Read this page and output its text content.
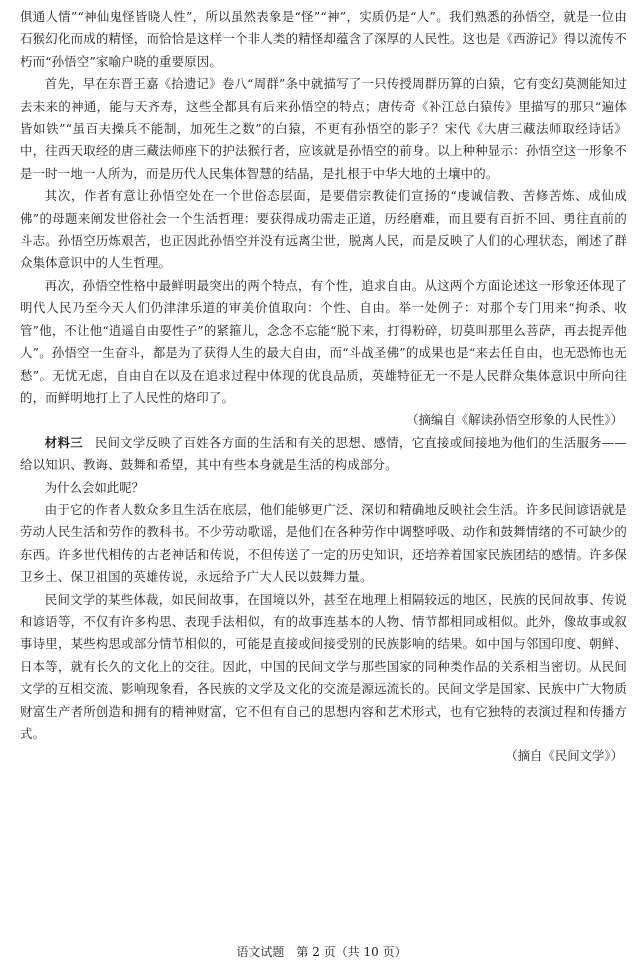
俱通人情”“神仙鬼怪皆晓人性”，所以虽然表象是“怪”“神”，实质仍是“人”。我们熟悉的孙悟空，就是一位由石猴幻化而成的精怪，而恰恰是这样一个非人类的精怪却蕴含了深厚的人民性。这也是《西游记》得以流传不朽而“孙悟空”家喻户晓的重要原因。

首先，早在东晋王嘉《拾遗记》卷八“周群”条中就描写了一只传授周群历算的白猿，它有变幻莫测能知过去未来的神通，能与天齐寿，这些全都具有后来孙悟空的特点；唐传奇《补江总白猿传》里描写的那只“遍体皆如铁”“虽百夫操兵不能制，加死生之数”的白猿，不更有孙悟空的影子？宋代《大唐三藏法师取经诗话》中，往西天取经的唐三藏法师座下的护法猴行者，应该就是孙悟空的前身。以上种种显示：孙悟空这一形象不是一时一地一人所为，而是历代人民集体智慧的结晶，是扎根于中华大地的土壤中的。

其次，作者有意让孙悟空处在一个世俗态层面，是要借宗教徒们宣扬的“虔诚信教、苦修苦炼、成仙成佛”的母题来阐发世俗社会一个生活哲理：要获得成功需走正道，历经磨难，而且要有百折不回、勇往直前的斗志。孙悟空历炼艰苦，也正因此孙悟空并没有远离尘世，脱离人民，而是反映了人们的心理状态，阐述了群众集体意识中的人生哲理。

再次，孙悟空性格中最鲜明最突出的两个特点，有个性，追求自由。从这两个方面论述这一形象还体现了明代人民乃至今天人们仍津津乐道的审美价值取向：个性、自由。举一处例子：对那个专门用来“拘杀、收管”他，不让他“逍遥自由耍性子”的紧箍儿，念念不忘能“脱下来，打得粉碎，切莫叫那里么菩萨，再去捉弄他人”。孙悟空一生奋斗，都是为了获得人生的最大自由，而“斗战圣佛”的成果也是“来去任自由，也无恐怖也无愁”。无忧无虑，自由自在以及在追求过程中体现的优良品质，英雄特征无一不是人民群众集体意识中所向往的，而鲜明地打上了人民性的烙印了。

（摘编自《解读孙悟空形象的人民性》）

材料三 民间文学反映了百姓各方面的生活和有关的思想、感情，它直接或间接地为他们的生活服务——给以知识、教诲、鼓舞和希望，其中有些本身就是生活的构成部分。

为什么会如此呢？

由于它的作者人数众多且生活在底层，他们能够更广泛、深切和精确地反映社会生活。许多民间谚语就是劳动人民生活和劳作的教科书。不少劳动歌谣，是他们在各种劳作中调整呼吸、动作和鼓舞情绪的不可缺少的东西。许多世代相传的古老神话和传说，不但传送了一定的历史知识，还培养着国家民族团结的感情。许多保卫乡土、保卫祖国的英雄传说，永远给予广大人民以鼓舞力量。

民间文学的某些体裁，如民间故事，在国境以外，甚至在地理上相隔较远的地区，民族的民间故事、传说和谚语等，不仅有许多构思、表现手法相似，有的故事连基本的人物、情节都相同或相似。此外，像故事或叙事诗里，某些构思或部分情节相似的，可能是直接或间接受别的民族影响的结果。如中国与邻国印度、朝鲜、日本等，就有长久的文化上的交往。因此，中国的民间文学与那些国家的同种类作品的关系相当密切。从民间文学的互相交流、影响现象看，各民族的文学及文化的交流是源远流长的。民间文学是国家、民族中广大物质财富生产者所创造和拥有的精神财富，它不但有自己的思想内容和艺术形式，也有它独特的表演过程和传播方式。

（摘自《民间文学》）

语文试题　第 2 页（共 10 页）
